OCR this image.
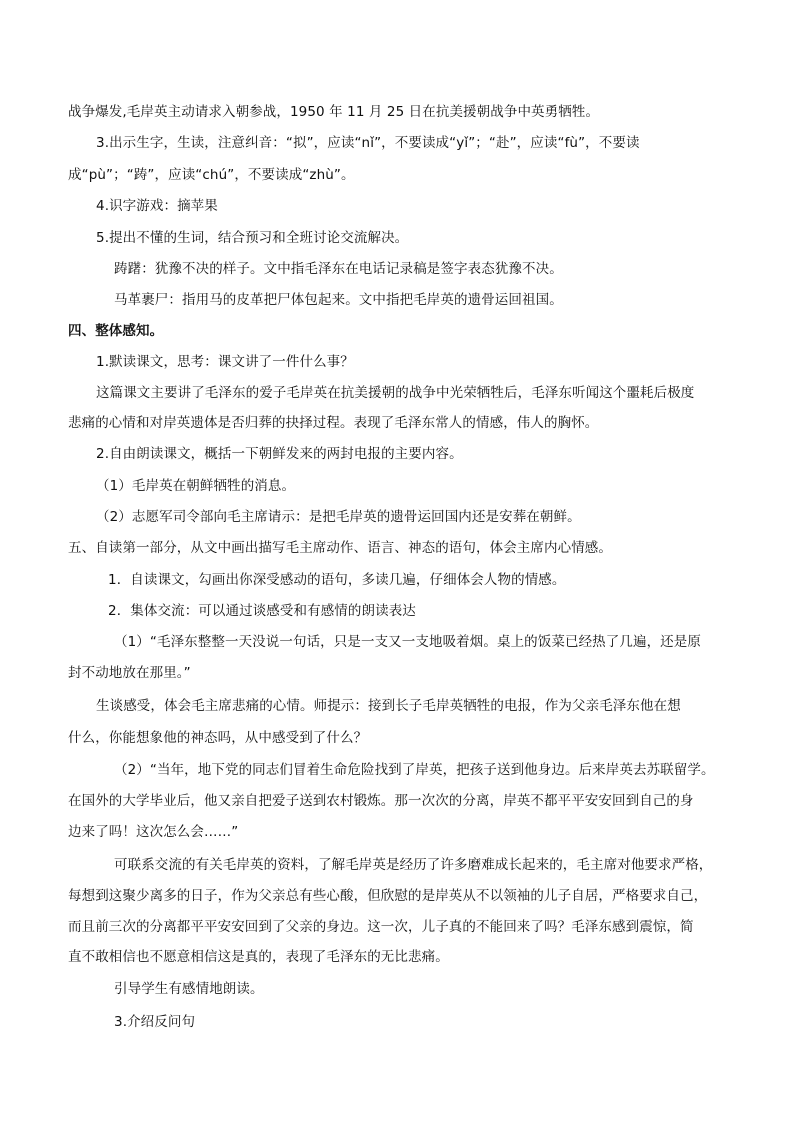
战争爆发,毛岸英主动请求入朝参战，1950 年 11 月 25 日在抗美援朝战争中英勇牺牲。
3.出示生字，生读，注意纠音：“拟”，应读“nǐ”，不要读成“yǐ”；“赴”，应读“fù”，不要读
成“pù”；“踌”，应读“chú”，不要读成“zhù”。
4.识字游戏：摘苹果
5.提出不懂的生词，结合预习和全班讨论交流解决。
踌躇：犹豫不决的样子。文中指毛泽东在电话记录稿是签字表态犹豫不决。
马革裹尸：指用马的皮革把尸体包起来。文中指把毛岸英的遗骨运回祖国。
四、整体感知。
1.默读课文，思考：课文讲了一件什么事？
这篇课文主要讲了毛泽东的爱子毛岸英在抗美援朝的战争中光荣牺牲后，毛泽东听闻这个噩耗后极度
悲痛的心情和对岸英遗体是否归葬的抉择过程。表现了毛泽东常人的情感，伟人的胸怀。
2.自由朗读课文，概括一下朝鲜发来的两封电报的主要内容。
（1）毛岸英在朝鲜牺牲的消息。
（2）志愿军司令部向毛主席请示：是把毛岸英的遗骨运回国内还是安葬在朝鲜。
五、自读第一部分，从文中画出描写毛主席动作、语言、神态的语句，体会主席内心情感。
1．自读课文，勾画出你深受感动的语句，多读几遍，仔细体会人物的情感。
2．集体交流：可以通过谈感受和有感情的朗读表达
（1）“毛泽东整整一天没说一句话，只是一支又一支地吸着烟。桌上的饭菜已经热了几遍，还是原
封不动地放在那里。”
生谈感受，体会毛主席悲痛的心情。师提示：接到长子毛岸英牺牲的电报，作为父亲毛泽东他在想
什么，你能想象他的神态吗，从中感受到了什么？
（2）“当年，地下党的同志们冒着生命危险找到了岸英，把孩子送到他身边。后来岸英去苏联留学。
在国外的大学毕业后，他又亲自把爱子送到农村锻炼。那一次次的分离，岸英不都平平安安回到自己的身
边来了吗！这次怎么会……”
可联系交流的有关毛岸英的资料，了解毛岸英是经历了许多磨难成长起来的，毛主席对他要求严格，
每想到这聚少离多的日子，作为父亲总有些心酸，但欣慰的是岸英从不以领袖的儿子自居，严格要求自己，
而且前三次的分离都平平安安回到了父亲的身边。这一次，儿子真的不能回来了吗？毛泽东感到震惊，简
直不敢相信也不愿意相信这是真的，表现了毛泽东的无比悲痛。
引导学生有感情地朗读。
3.介绍反问句
